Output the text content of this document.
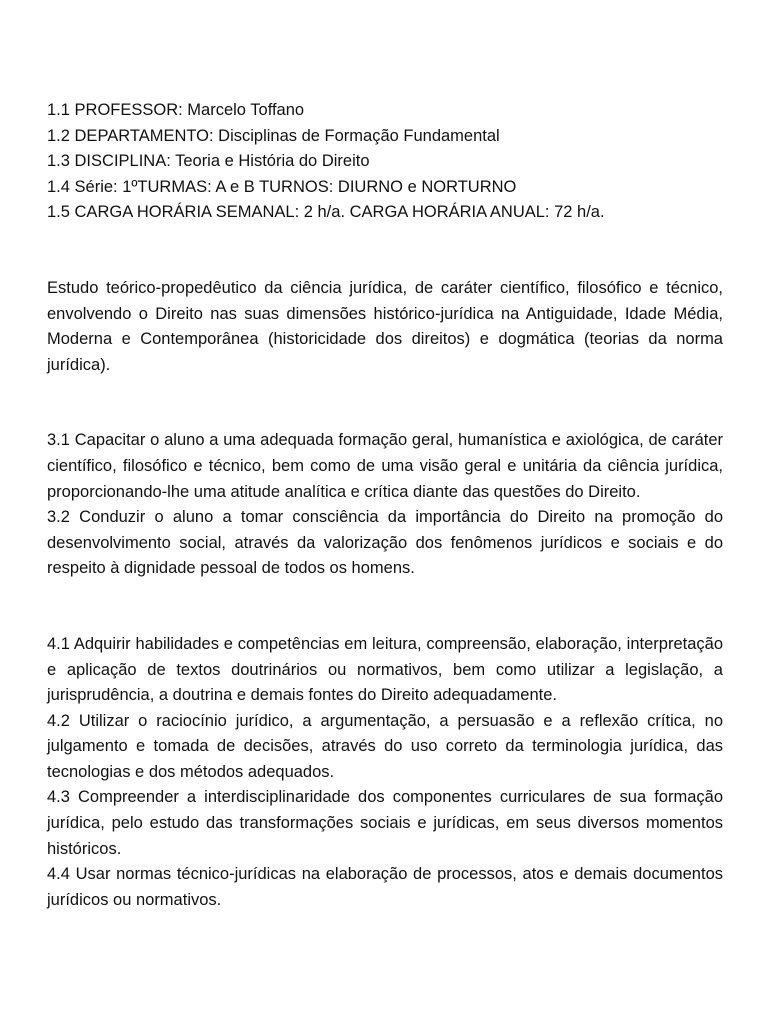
1.1 PROFESSOR: Marcelo Toffano

1.2 DEPARTAMENTO: Disciplinas de Formação Fundamental

1.3 DISCIPLINA: Teoria e História do Direito

1.4 Série: 1ºTURMAS: A e B TURNOS: DIURNO e NORTURNO

1.5 CARGA HORÁRIA SEMANAL: 2 h/a. CARGA HORÁRIA ANUAL: 72 h/a.

Estudo teórico-propedêutico da ciência jurídica, de caráter científico, filosófico e técnico, envolvendo o Direito nas suas dimensões histórico-jurídica na Antiguidade, Idade Média, Moderna e Contemporânea (historicidade dos direitos) e dogmática (teorias da norma jurídica).

3.1 Capacitar o aluno a uma adequada formação geral, humanística e axiológica, de caráter científico, filosófico e técnico, bem como de uma visão geral e unitária da ciência jurídica, proporcionando-lhe uma atitude analítica e crítica diante das questões do Direito.

3.2 Conduzir o aluno a tomar consciência da importância do Direito na promoção do desenvolvimento social, através da valorização dos fenômenos jurídicos e sociais e do respeito à dignidade pessoal de todos os homens.

4.1 Adquirir habilidades e competências em leitura, compreensão, elaboração, interpretação e aplicação de textos doutrinários ou normativos, bem como utilizar a legislação, a jurisprudência, a doutrina e demais fontes do Direito adequadamente.

4.2 Utilizar o raciocínio jurídico, a argumentação, a persuasão e a reflexão crítica, no julgamento e tomada de decisões, através do uso correto da terminologia jurídica, das tecnologias e dos métodos adequados.

4.3 Compreender a interdisciplinaridade dos componentes curriculares de sua formação jurídica, pelo estudo das transformações sociais e jurídicas, em seus diversos momentos históricos.

4.4 Usar normas técnico-jurídicas na elaboração de processos, atos e demais documentos jurídicos ou normativos.
